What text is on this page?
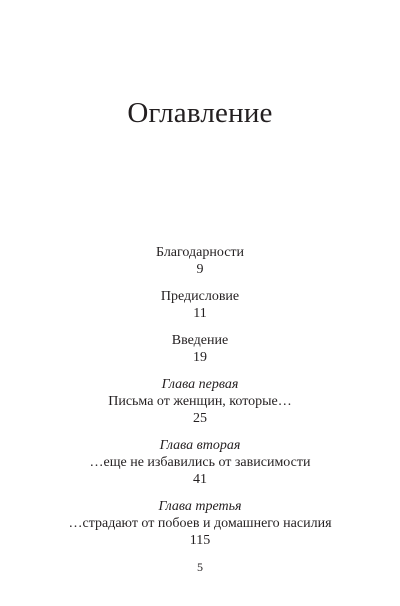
Оглавление
Благодарности
9
Предисловие
11
Введение
19
Глава первая
Письма от женщин, которые…
25
Глава вторая
…еще не избавились от зависимости
41
Глава третья
…страдают от побоев и домашнего насилия
115
5
